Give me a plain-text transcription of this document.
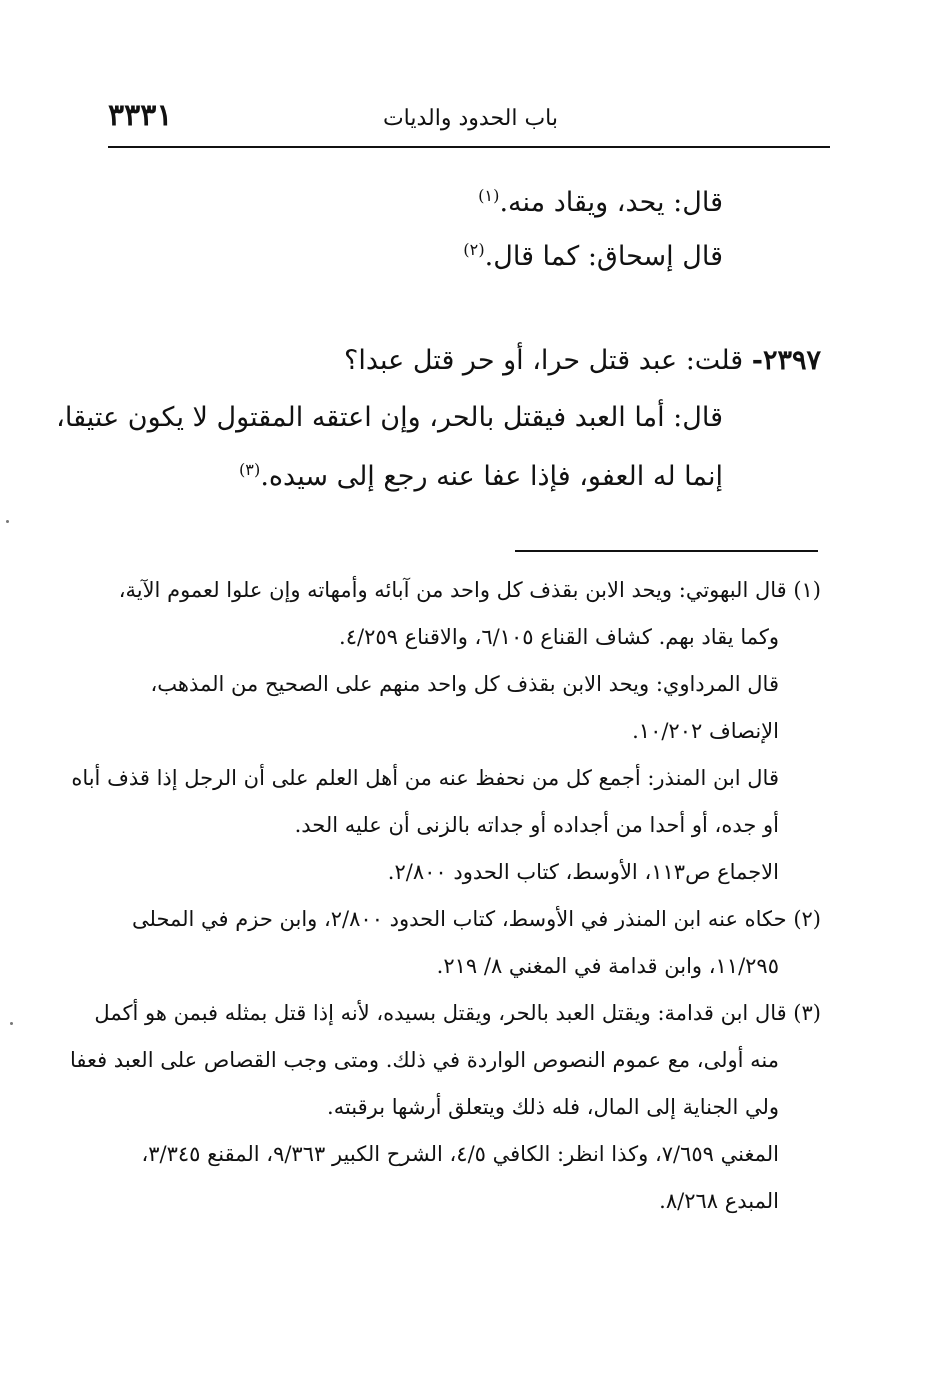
٣٣٣١	باب الحدود والديات
قال: يحد، ويقاد منه.$^{(١)}$
قال إسحاق: كما قال.$^{(٢)}$
٢٣٩٧- قلت: عبد قتل حرا، أو حر قتل عبدا؟
قال: أما العبد فيقتل بالحر، وإن اعتقه المقتول لا يكون عتيقا،
إنما له العفو، فإذا عفا عنه رجع إلى سيده.$^{(٣)}$
(١) قال البهوتي: ويحد الابن بقذف كل واحد من آبائه وأمهاته وإن علوا لعموم الآية،
وكما يقاد بهم. كشاف القناع ٦/١٠٥، والاقناع ٤/٢٥٩.
قال المرداوي: ويحد الابن بقذف كل واحد منهم على الصحيح من المذهب،
الإنصاف ١٠/٢٠٢.
قال ابن المنذر: أجمع كل من نحفظ عنه من أهل العلم على أن الرجل إذا قذف أباه
أو جده، أو أحدا من أجداده أو جداته بالزنى أن عليه الحد.
الاجماع ص١١٣، الأوسط، كتاب الحدود ٢/٨٠٠.
(٢) حكاه عنه ابن المنذر في الأوسط، كتاب الحدود ٢/٨٠٠، وابن حزم في المحلى
١١/٢٩٥، وابن قدامة في المغني ٨/ ٢١٩.
(٣) قال ابن قدامة: ويقتل العبد بالحر، ويقتل بسيده، لأنه إذا قتل بمثله فبمن هو أكمل
منه أولى، مع عموم النصوص الواردة في ذلك. ومتى وجب القصاص على العبد فعفا
ولي الجناية إلى المال، فله ذلك ويتعلق أرشها برقبته.
المغني ٧/٦٥٩، وكذا انظر: الكافي ٤/٥، الشرح الكبير ٩/٣٦٣، المقنع ٣/٣٤٥،
المبدع ٨/٢٦٨.
